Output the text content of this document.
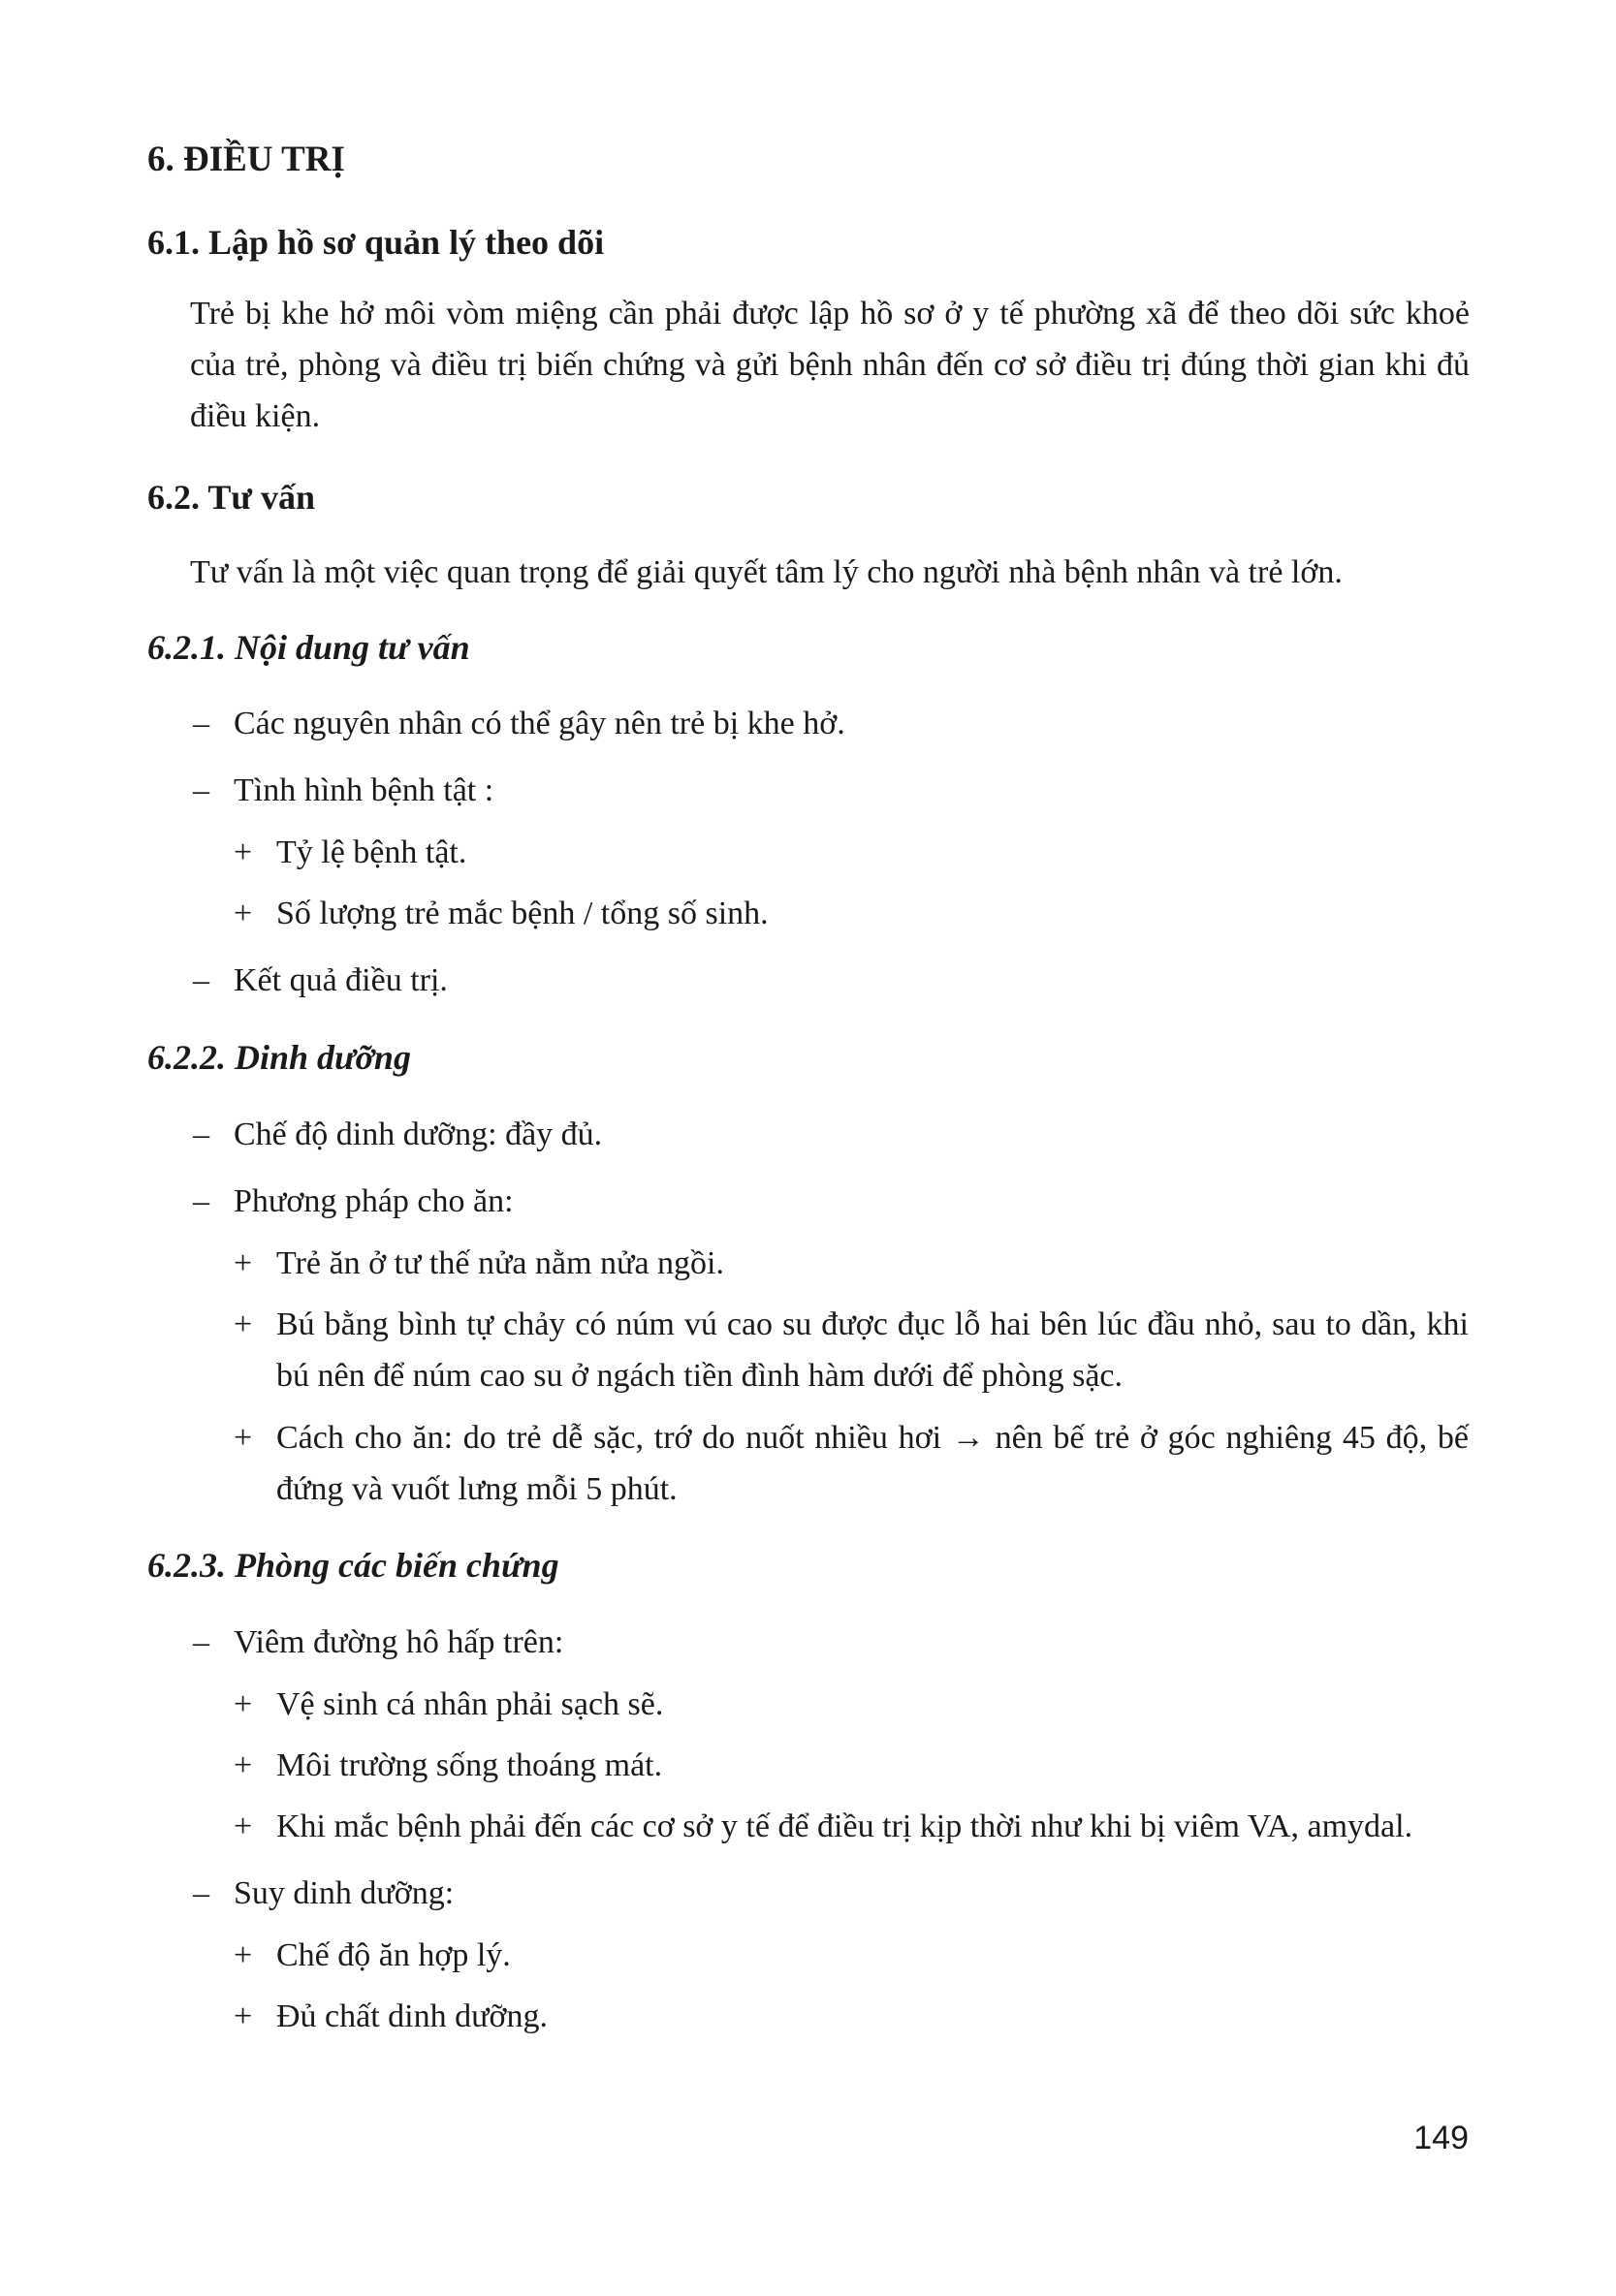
6. ĐIỀU TRỊ
6.1. Lập hồ sơ quản lý theo dõi

Trẻ bị khe hở môi vòm miệng cần phải được lập hồ sơ ở y tế phường xã để theo dõi sức khoẻ của trẻ, phòng và điều trị biến chứng và gửi bệnh nhân đến cơ sở điều trị đúng thời gian khi đủ điều kiện.

6.2. Tư vấn

Tư vấn là một việc quan trọng để giải quyết tâm lý cho người nhà bệnh nhân và trẻ lớn.

6.2.1. Nội dung tư vấn
– Các nguyên nhân có thể gây nên trẻ bị khe hở.
– Tình hình bệnh tật :
+ Tỷ lệ bệnh tật.
+ Số lượng trẻ mắc bệnh / tổng số sinh.
– Kết quả điều trị.
6.2.2. Dinh dưỡng
– Chế độ dinh dưỡng: đầy đủ.
– Phương pháp cho ăn:
+ Trẻ ăn ở tư thế nửa nằm nửa ngồi.
+ Bú bằng bình tự chảy có núm vú cao su được đục lỗ hai bên lúc đầu nhỏ, sau to dần, khi bú nên để núm cao su ở ngách tiền đình hàm dưới để phòng sặc.
+ Cách cho ăn: do trẻ dễ sặc, trớ do nuốt nhiều hơi → nên bế trẻ ở góc nghiêng 45 độ, bế đứng và vuốt lưng mỗi 5 phút.
6.2.3. Phòng các biến chứng
– Viêm đường hô hấp trên:
+ Vệ sinh cá nhân phải sạch sẽ.
+ Môi trường sống thoáng mát.
+ Khi mắc bệnh phải đến các cơ sở y tế để điều trị kịp thời như khi bị viêm VA, amydal.
– Suy dinh dưỡng:
+ Chế độ ăn hợp lý.
+ Đủ chất dinh dưỡng.
149
